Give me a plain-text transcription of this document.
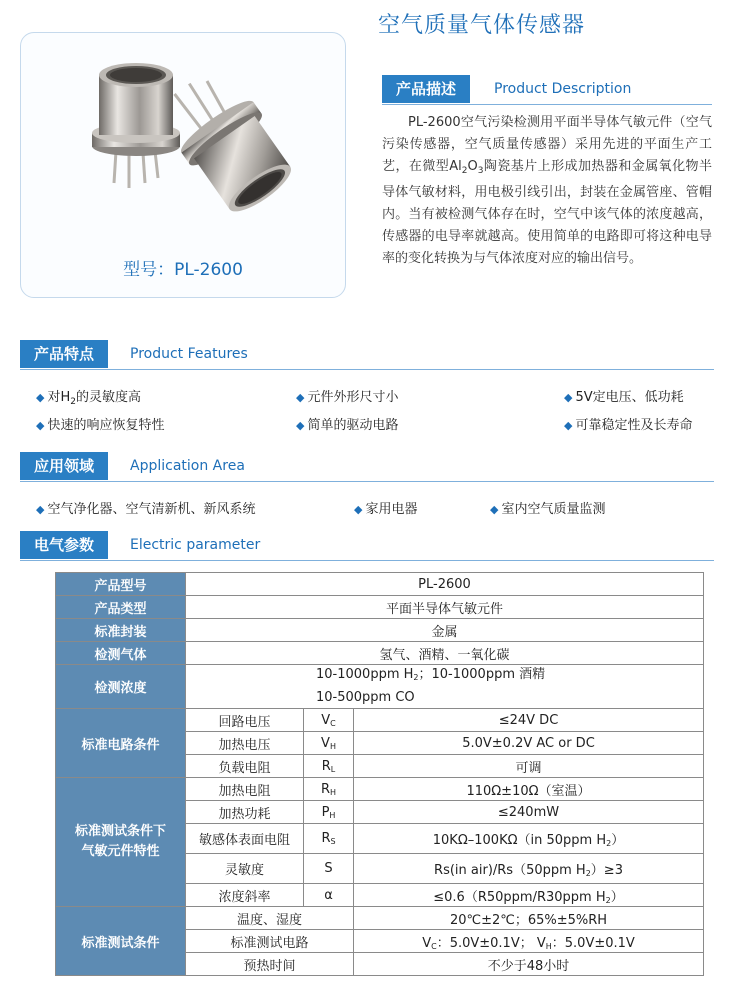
空气质量气体传感器
型号：PL-2600
产品描述	Product Description
PL-2600空气污染检测用平面半导体气敏元件（空气污染传感器，空气质量传感器）采用先进的平面生产工艺，在微型$Al_2O_3$陶瓷基片上形成加热器和金属氧化物半导体气敏材料，用电极引线引出，封装在金属管座、管帽内。当有被检测气体存在时，空气中该气体的浓度越高，传感器的电导率就越高。使用简单的电路即可将这种电导率的变化转换为与气体浓度对应的输出信号。
产品特点	Product Features
◆ 对$H_2$的灵敏度高	◆ 元件外形尺寸小	◆ 5V定电压、低功耗
◆ 快速的响应恢复特性	◆ 简单的驱动电路	◆ 可靠稳定性及长寿命
应用领域	Application Area
◆ 空气净化器、空气清新机、新风系统	◆ 家用电器	◆ 室内空气质量监测
电气参数	Electric parameter
产品型号	PL-2600		
产品类型	平面半导体气敏元件		
标准封装	金属		
检测气体	氢气、酒精、一氧化碳		
检测浓度	10-1000ppm $H_2$；10-1000ppm 酒精
10-500ppm CO		
标准电路条件	回路电压	$V_C$	≤24V DC
	加热电压	$V_H$	5.0V±0.2V AC or DC
	负载电阻	$R_L$	可调
标准测试条件下
气敏元件特性	加热电阻	$R_H$	110Ω±10Ω（室温）
	加热功耗	$P_H$	≤240mW
	敏感体表面电阻	$R_S$	10KΩ–100KΩ（in 50ppm $H_2$）
	灵敏度	S	Rs(in air)/Rs（50ppm $H_2)\ge 3$
	浓度斜率	α	≤0.6（R50ppm/R30ppm $H_2$）
标准测试条件	温度、湿度		20℃±2℃；65%±5%RH
	标准测试电路		$V_C$：5.0V±0.1V； $V_H$：5.0V±0.1V
	预热时间		不少于48小时
